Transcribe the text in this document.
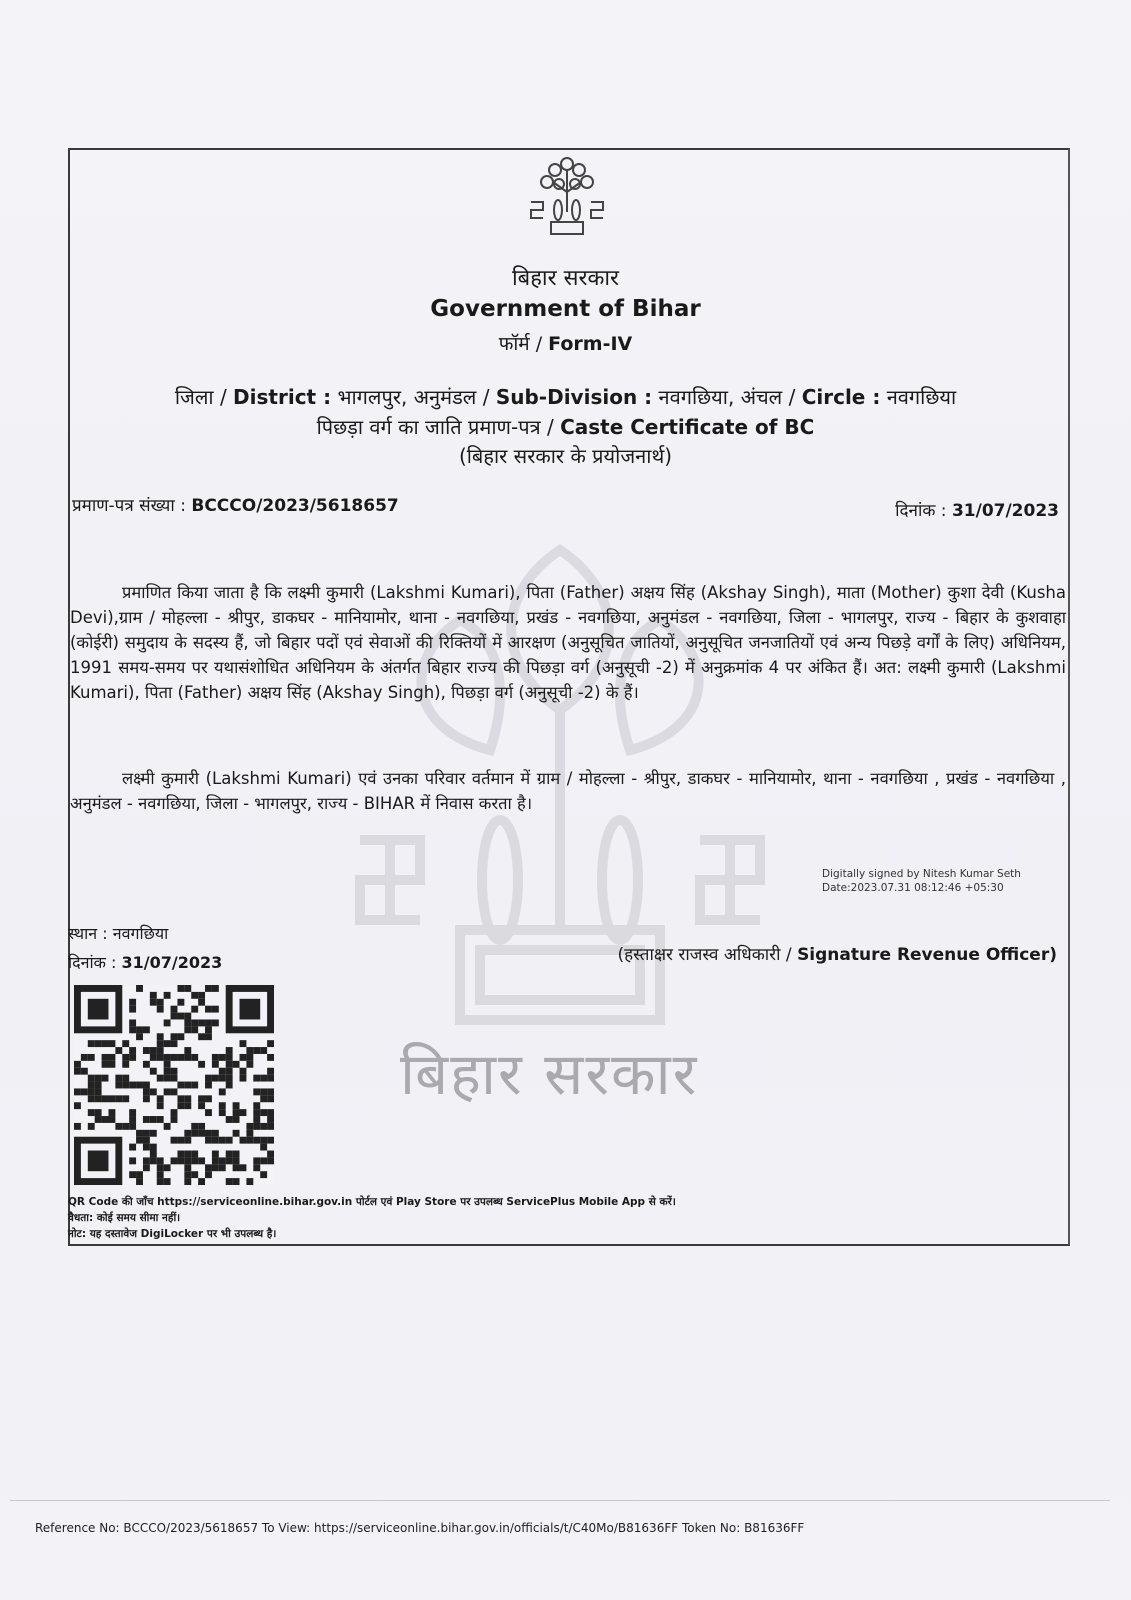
बिहार सरकार
बिहार सरकार
Government of Bihar
फॉर्म / Form-IV
जिला / District : भागलपुर, अनुमंडल / Sub-Division : नवगछिया, अंचल / Circle : नवगछिया
पिछड़ा वर्ग का जाति प्रमाण-पत्र / Caste Certificate of BC
(बिहार सरकार के प्रयोजनार्थ)
प्रमाण-पत्र संख्या : BCCCO/2023/5618657	दिनांक : 31/07/2023
प्रमाणित किया जाता है कि लक्ष्मी कुमारी (Lakshmi Kumari), पिता (Father) अक्षय सिंह (Akshay Singh), माता (Mother) कुशा देवी (Kusha Devi),ग्राम / मोहल्ला - श्रीपुर, डाकघर - मानियामोर, थाना - नवगछिया, प्रखंड - नवगछिया, अनुमंडल - नवगछिया, जिला - भागलपुर, राज्य - बिहार के कुशवाहा (कोईरी) समुदाय के सदस्य हैं, जो बिहार पदों एवं सेवाओं की रिक्तियों में आरक्षण (अनुसूचित जातियों, अनुसूचित जनजातियों एवं अन्य पिछड़े वर्गों के लिए) अधिनियम, 1991 समय-समय पर यथासंशोधित अधिनियम के अंतर्गत बिहार राज्य की पिछड़ा वर्ग (अनुसूची -2) में अनुक्रमांक 4 पर अंकित हैं। अत: लक्ष्मी कुमारी (Lakshmi Kumari), पिता (Father) अक्षय सिंह (Akshay Singh), पिछड़ा वर्ग (अनुसूची -2) के हैं।
लक्ष्मी कुमारी (Lakshmi Kumari) एवं उनका परिवार वर्तमान में ग्राम / मोहल्ला - श्रीपुर, डाकघर - मानियामोर, थाना - नवगछिया , प्रखंड - नवगछिया , अनुमंडल - नवगछिया, जिला - भागलपुर, राज्य - BIHAR में निवास करता है।
Digitally signed by Nitesh Kumar Seth
Date:2023.07.31 08:12:46 +05:30
(हस्ताक्षर राजस्व अधिकारी / Signature Revenue Officer)
स्थान : नवगछिया
दिनांक : 31/07/2023
QR Code की जाँच https://serviceonline.bihar.gov.in पोर्टल एवं Play Store पर उपलब्ध ServicePlus Mobile App से करें।
वैधता: कोई समय सीमा नहीं।
नोट: यह दस्तावेज DigiLocker पर भी उपलब्ध है।
Reference No: BCCCO/2023/5618657 To View: https://serviceonline.bihar.gov.in/officials/t/C40Mo/B81636FF Token No: B81636FF
